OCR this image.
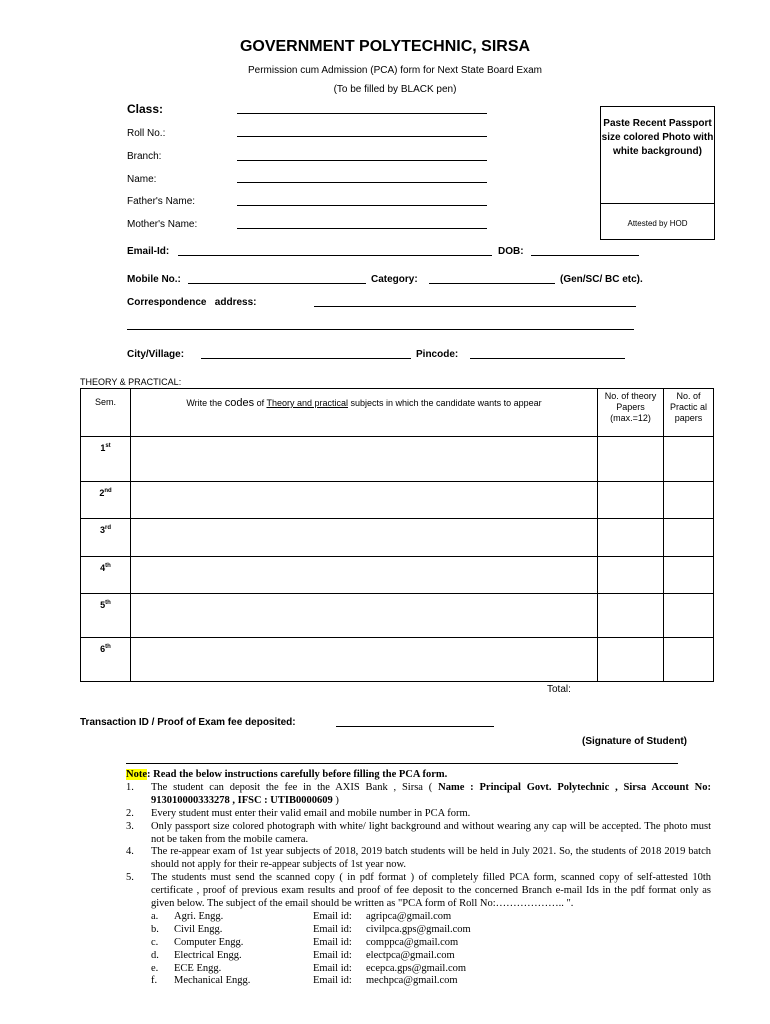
GOVERNMENT POLYTECHNIC, SIRSA
Permission cum Admission (PCA) form for Next State Board Exam
(To be filled by BLACK pen)
Class:
Roll No.:
Branch:
Name:
Father's Name:
Mother's Name:
Paste Recent Passport size colored Photo with white background)
Attested by HOD
Email-Id:	DOB:
Mobile No.:	Category:	(Gen/SC/ BC etc).
Correspondence   address:
City/Village:	Pincode:
THEORY & PRACTICAL:
Sem.	Write the codes of Theory and practical subjects in which the candidate wants to appear	No. of theory Papers (max.=12)	No. of Practic al papers

1st			
2nd			
3rd			
4th			
5th			
6th			
Total:
Transaction ID / Proof of Exam fee deposited:
(Signature of Student)
Note: Read the below instructions carefully before filling the PCA form.
1. The student can deposit the fee in the AXIS Bank , Sirsa ( Name : Principal Govt. Polytechnic , Sirsa Account No: 913010000333278 , IFSC : UTIB0000609 )
2. Every student must enter their valid email and mobile number in PCA form.
3. Only passport size colored photograph with white/ light background and without wearing any cap will be accepted. The photo must not be taken from the mobile camera.
4. The re-appear exam of 1st year subjects of 2018, 2019 batch students will be held in July 2021. So, the students of 2018 2019 batch should not apply for their re-appear subjects of 1st year now.
5. The students must send the scanned copy ( in pdf format ) of completely filled PCA form, scanned copy of self-attested 10th certificate , proof of previous exam results and proof of fee deposit to the concerned Branch e-mail Ids in the pdf format only as given below. The subject of the email should be written as "PCA form of Roll No:……………….. ".
a. Agri. Engg.	Email id: agripca@gmail.com
b. Civil Engg.	Email id: civilpca.gps@gmail.com
c. Computer Engg.	Email id: comppca@gmail.com
d. Electrical Engg.	Email id: electpca@gmail.com
e. ECE Engg.	Email id: ecepca.gps@gmail.com
f. Mechanical Engg.	Email id: mechpca@gmail.com
